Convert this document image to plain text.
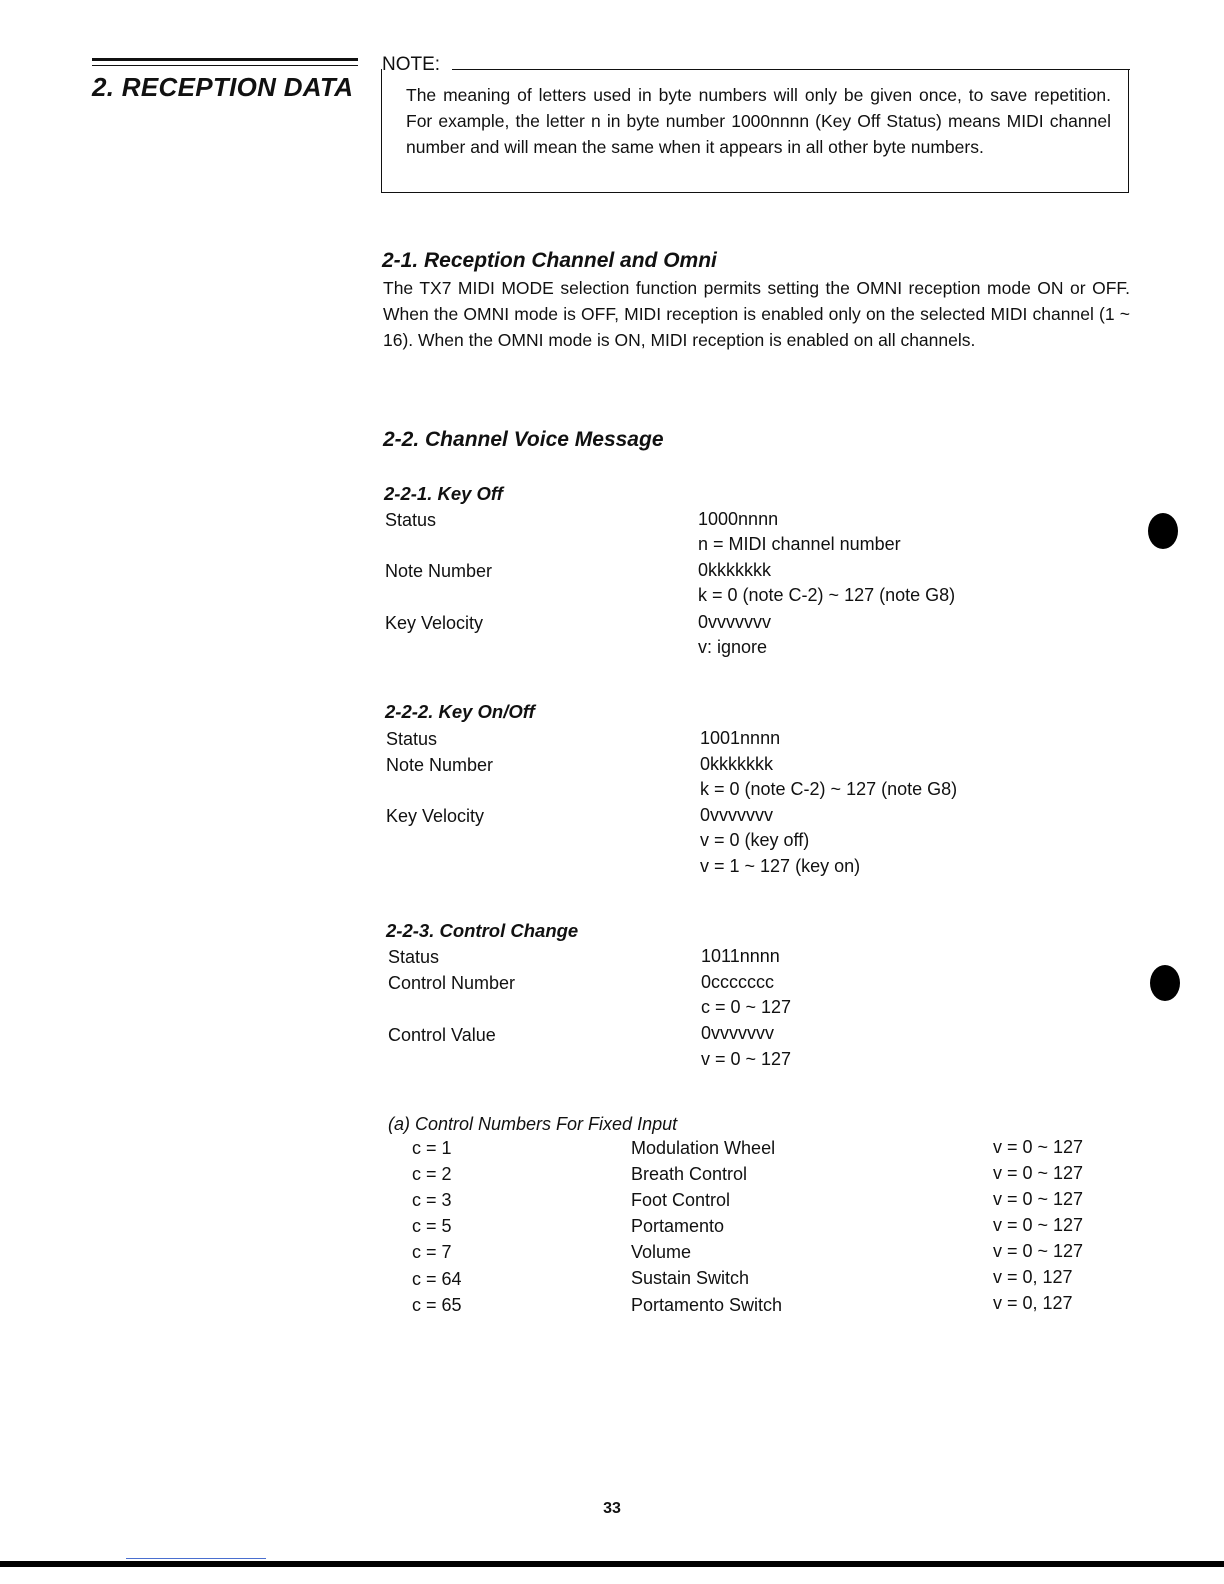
2. RECEPTION DATA
NOTE:
The meaning of letters used in byte numbers will only be given once, to save repetition. For example, the letter n in byte number 1000nnnn (Key Off Status) means MIDI channel number and will mean the same when it appears in all other byte numbers.
2-1. Reception Channel and Omni
The TX7 MIDI MODE selection function permits setting the OMNI reception mode ON or OFF. When the OMNI mode is OFF, MIDI reception is enabled only on the selected MIDI channel (1 ~ 16). When the OMNI mode is ON, MIDI reception is enabled on all channels.
2-2. Channel Voice Message
2-2-1. Key Off
Status	1000nnnn
n = MIDI channel number
Note Number	0kkkkkkk
k = 0 (note C-2) ~ 127 (note G8)
Key Velocity	0vvvvvvv
v: ignore
2-2-2. Key On/Off
Status	1001nnnn
Note Number	0kkkkkkk
k = 0 (note C-2) ~ 127 (note G8)
Key Velocity	0vvvvvvv
v = 0 (key off)
v = 1 ~ 127 (key on)
2-2-3. Control Change
Status	1011nnnn
Control Number	0ccccccc
c = 0 ~ 127
Control Value	0vvvvvvv
v = 0 ~ 127
(a) Control Numbers For Fixed Input
c = 1	Modulation Wheel	v = 0 ~ 127
c = 2	Breath Control	v = 0 ~ 127
c = 3	Foot Control	v = 0 ~ 127
c = 5	Portamento	v = 0 ~ 127
c = 7	Volume	v = 0 ~ 127
c = 64	Sustain Switch	v = 0, 127
c = 65	Portamento Switch	v = 0, 127
33
